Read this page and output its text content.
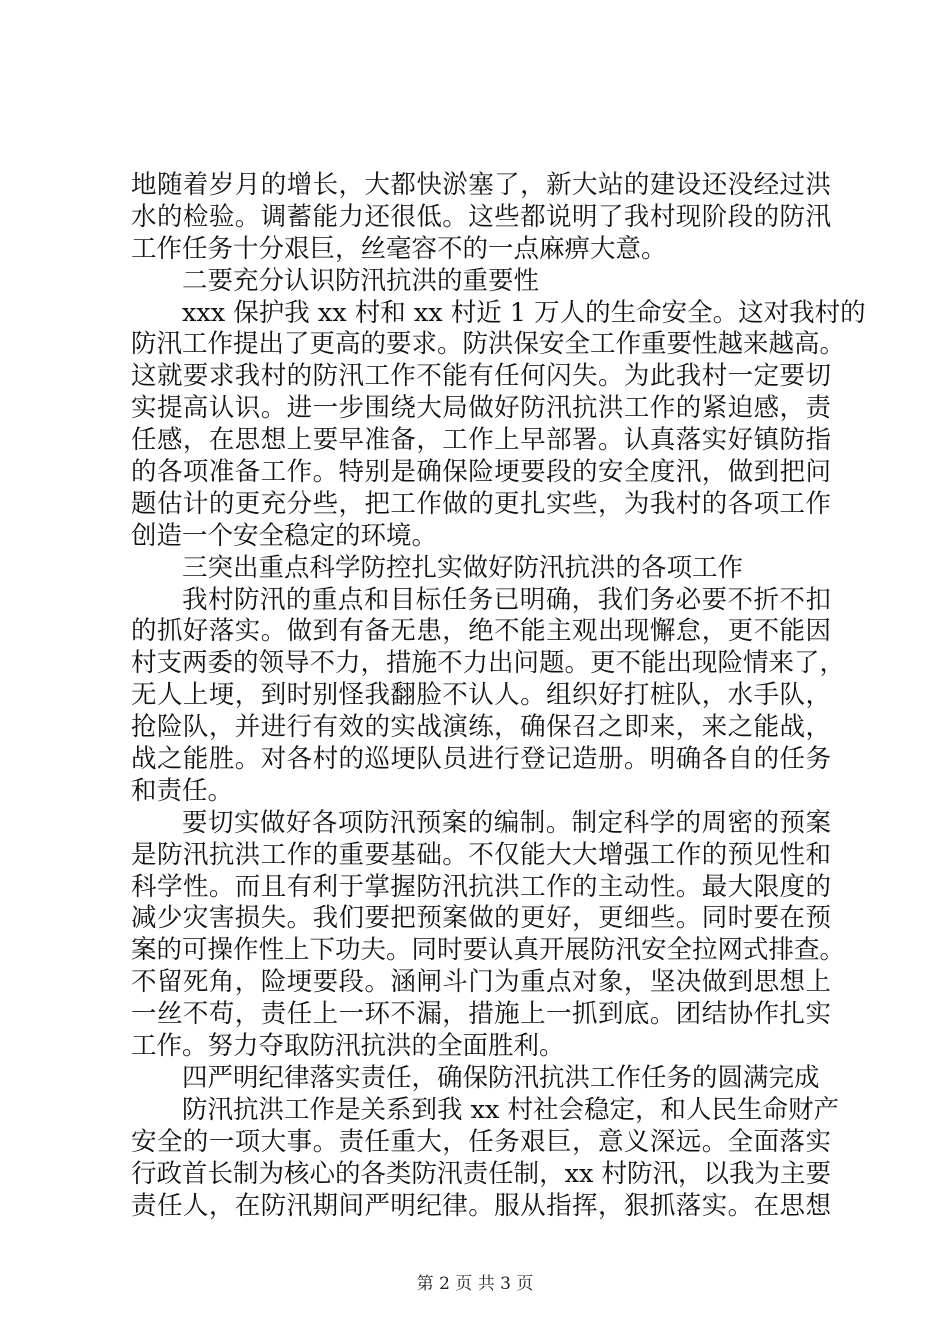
地随着岁月的增长，大都快淤塞了，新大站的建设还没经过洪
水的检验。调蓄能力还很低。这些都说明了我村现阶段的防汛
工作任务十分艰巨，丝毫容不的一点麻痹大意。
二要充分认识防汛抗洪的重要性
xxx 保护我 xx 村和 xx 村近 1 万人的生命安全。这对我村的
防汛工作提出了更高的要求。防洪保安全工作重要性越来越高。
这就要求我村的防汛工作不能有任何闪失。为此我村一定要切
实提高认识。进一步围绕大局做好防汛抗洪工作的紧迫感，责
任感，在思想上要早准备，工作上早部署。认真落实好镇防指
的各项准备工作。特别是确保险埂要段的安全度汛，做到把问
题估计的更充分些，把工作做的更扎实些，为我村的各项工作
创造一个安全稳定的环境。
三突出重点科学防控扎实做好防汛抗洪的各项工作
我村防汛的重点和目标任务已明确，我们务必要不折不扣
的抓好落实。做到有备无患，绝不能主观出现懈怠，更不能因
村支两委的领导不力，措施不力出问题。更不能出现险情来了，
无人上埂，到时别怪我翻脸不认人。组织好打桩队，水手队，
抢险队，并进行有效的实战演练，确保召之即来，来之能战，
战之能胜。对各村的巡埂队员进行登记造册。明确各自的任务
和责任。
要切实做好各项防汛预案的编制。制定科学的周密的预案
是防汛抗洪工作的重要基础。不仅能大大增强工作的预见性和
科学性。而且有利于掌握防汛抗洪工作的主动性。最大限度的
减少灾害损失。我们要把预案做的更好，更细些。同时要在预
案的可操作性上下功夫。同时要认真开展防汛安全拉网式排查。
不留死角，险埂要段。涵闸斗门为重点对象，坚决做到思想上
一丝不苟，责任上一环不漏，措施上一抓到底。团结协作扎实
工作。努力夺取防汛抗洪的全面胜利。
四严明纪律落实责任，确保防汛抗洪工作任务的圆满完成
防汛抗洪工作是关系到我 xx 村社会稳定，和人民生命财产
安全的一项大事。责任重大，任务艰巨，意义深远。全面落实
行政首长制为核心的各类防汛责任制，xx 村防汛，以我为主要
责任人，在防汛期间严明纪律。服从指挥，狠抓落实。在思想
第 2 页 共 3 页
